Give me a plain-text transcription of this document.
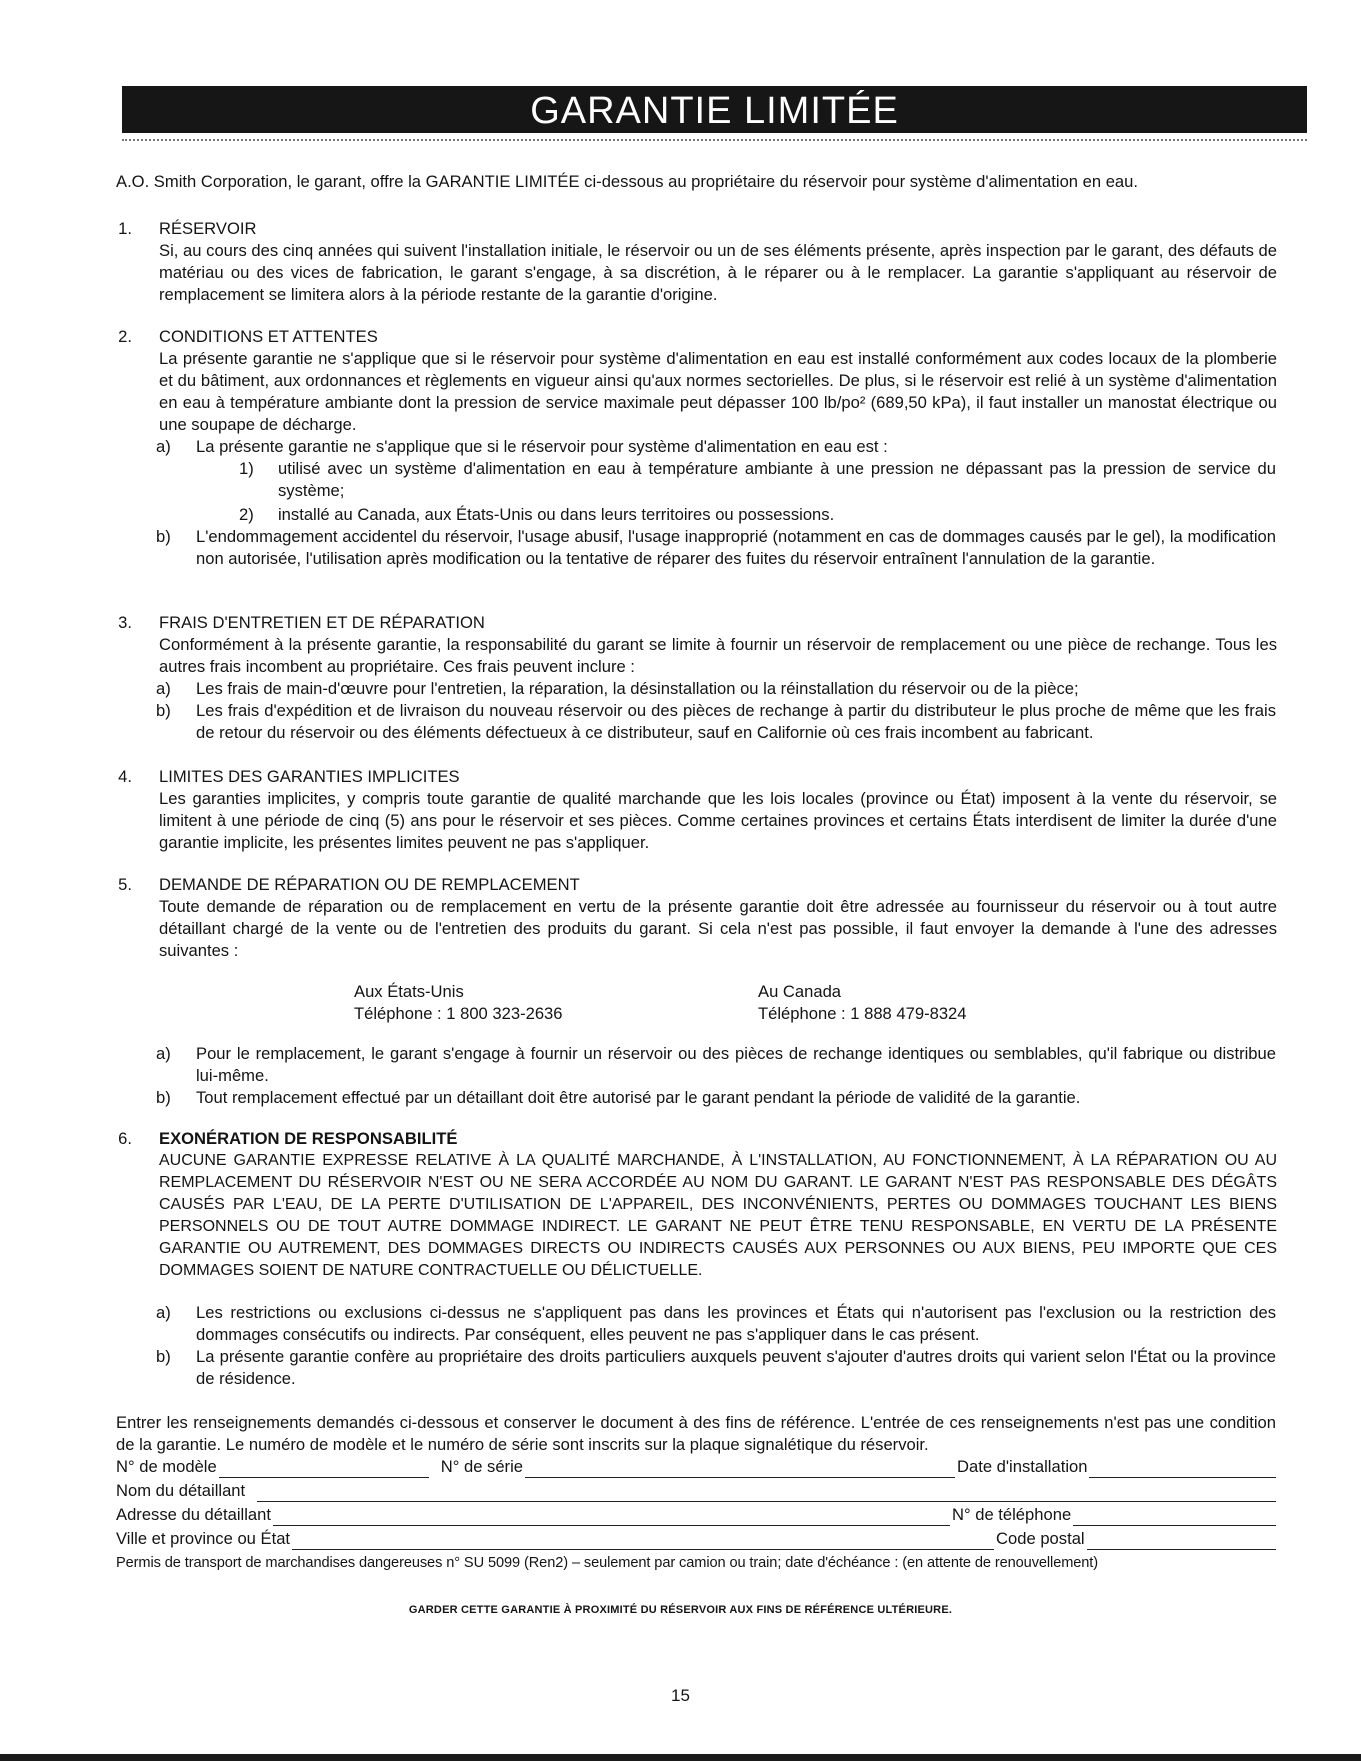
GARANTIE LIMITÉE
A.O. Smith Corporation, le garant, offre la GARANTIE LIMITÉE ci-dessous au propriétaire du réservoir pour système d'alimentation en eau.
1. RÉSERVOIR
Si, au cours des cinq années qui suivent l'installation initiale, le réservoir ou un de ses éléments présente, après inspection par le garant, des défauts de matériau ou des vices de fabrication, le garant s'engage, à sa discrétion, à le réparer ou à le remplacer. La garantie s'appliquant au réservoir de remplacement se limitera alors à la période restante de la garantie d'origine.
2. CONDITIONS ET ATTENTES
La présente garantie ne s'applique que si le réservoir pour système d'alimentation en eau est installé conformément aux codes locaux de la plomberie et du bâtiment, aux ordonnances et règlements en vigueur ainsi qu'aux normes sectorielles. De plus, si le réservoir est relié à un système d'alimentation en eau à température ambiante dont la pression de service maximale peut dépasser 100 lb/po² (689,50 kPa), il faut installer un manostat électrique ou une soupape de décharge.
a) La présente garantie ne s'applique que si le réservoir pour système d'alimentation en eau est :
1) utilisé avec un système d'alimentation en eau à température ambiante à une pression ne dépassant pas la pression de service du système;
2) installé au Canada, aux États-Unis ou dans leurs territoires ou possessions.
b) L'endommagement accidentel du réservoir, l'usage abusif, l'usage inapproprié (notamment en cas de dommages causés par le gel), la modification non autorisée, l'utilisation après modification ou la tentative de réparer des fuites du réservoir entraînent l'annulation de la garantie.
3. FRAIS D'ENTRETIEN ET DE RÉPARATION
Conformément à la présente garantie, la responsabilité du garant se limite à fournir un réservoir de remplacement ou une pièce de rechange. Tous les autres frais incombent au propriétaire. Ces frais peuvent inclure :
a) Les frais de main-d'œuvre pour l'entretien, la réparation, la désinstallation ou la réinstallation du réservoir ou de la pièce;
b) Les frais d'expédition et de livraison du nouveau réservoir ou des pièces de rechange à partir du distributeur le plus proche de même que les frais de retour du réservoir ou des éléments défectueux à ce distributeur, sauf en Californie où ces frais incombent au fabricant.
4. LIMITES DES GARANTIES IMPLICITES
Les garanties implicites, y compris toute garantie de qualité marchande que les lois locales (province ou État) imposent à la vente du réservoir, se limitent à une période de cinq (5) ans pour le réservoir et ses pièces. Comme certaines provinces et certains États interdisent de limiter la durée d'une garantie implicite, les présentes limites peuvent ne pas s'appliquer.
5. DEMANDE DE RÉPARATION OU DE REMPLACEMENT
Toute demande de réparation ou de remplacement en vertu de la présente garantie doit être adressée au fournisseur du réservoir ou à tout autre détaillant chargé de la vente ou de l'entretien des produits du garant. Si cela n'est pas possible, il faut envoyer la demande à l'une des adresses suivantes :
Aux États-Unis
Téléphone : 1 800 323-2636
Au Canada
Téléphone : 1 888 479-8324
a) Pour le remplacement, le garant s'engage à fournir un réservoir ou des pièces de rechange identiques ou semblables, qu'il fabrique ou distribue lui-même.
b) Tout remplacement effectué par un détaillant doit être autorisé par le garant pendant la période de validité de la garantie.
6. EXONÉRATION DE RESPONSABILITÉ
AUCUNE GARANTIE EXPRESSE RELATIVE À LA QUALITÉ MARCHANDE, À L'INSTALLATION, AU FONCTIONNEMENT, À LA RÉPARATION OU AU REMPLACEMENT DU RÉSERVOIR N'EST OU NE SERA ACCORDÉE AU NOM DU GARANT. LE GARANT N'EST PAS RESPONSABLE DES DÉGÂTS CAUSÉS PAR L'EAU, DE LA PERTE D'UTILISATION DE L'APPAREIL, DES INCONVÉNIENTS, PERTES OU DOMMAGES TOUCHANT LES BIENS PERSONNELS OU DE TOUT AUTRE DOMMAGE INDIRECT. LE GARANT NE PEUT ÊTRE TENU RESPONSABLE, EN VERTU DE LA PRÉSENTE GARANTIE OU AUTREMENT, DES DOMMAGES DIRECTS OU INDIRECTS CAUSÉS AUX PERSONNES OU AUX BIENS, PEU IMPORTE QUE CES DOMMAGES SOIENT DE NATURE CONTRACTUELLE OU DÉLICTUELLE.
a) Les restrictions ou exclusions ci-dessus ne s'appliquent pas dans les provinces et États qui n'autorisent pas l'exclusion ou la restriction des dommages consécutifs ou indirects. Par conséquent, elles peuvent ne pas s'appliquer dans le cas présent.
b) La présente garantie confère au propriétaire des droits particuliers auxquels peuvent s'ajouter d'autres droits qui varient selon l'État ou la province de résidence.
Entrer les renseignements demandés ci-dessous et conserver le document à des fins de référence. L'entrée de ces renseignements n'est pas une condition de la garantie. Le numéro de modèle et le numéro de série sont inscrits sur la plaque signalétique du réservoir.
N° de modèle	N° de série	Date d'installation
Nom du détaillant
Adresse du détaillant	N° de téléphone
Ville et province ou État	Code postal
Permis de transport de marchandises dangereuses n° SU 5099 (Ren2) – seulement par camion ou train; date d'échéance : (en attente de renouvellement)
GARDER CETTE GARANTIE À PROXIMITÉ DU RÉSERVOIR AUX FINS DE RÉFÉRENCE ULTÉRIEURE.
15
